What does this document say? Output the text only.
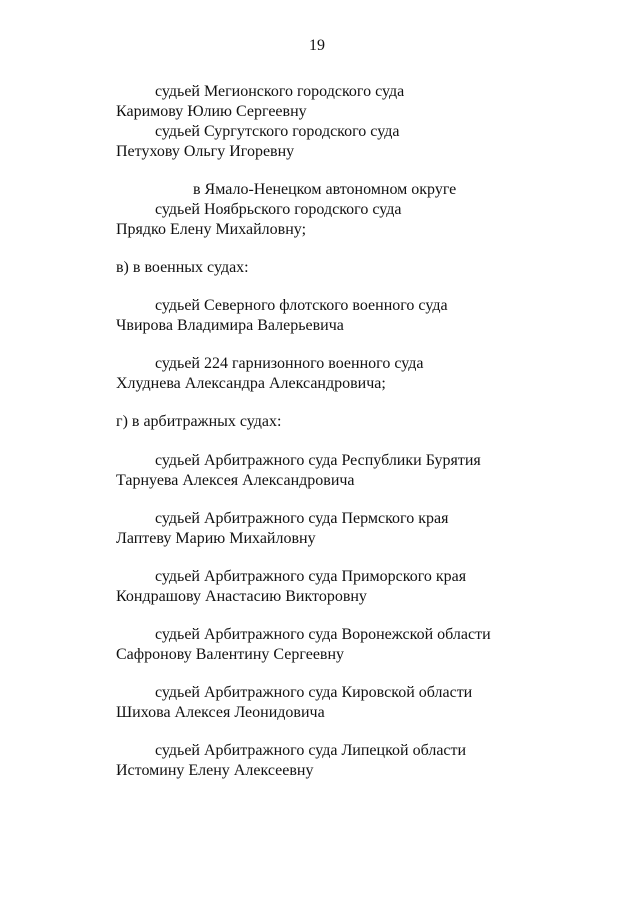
19
судьей Мегионского городского суда
Каримову Юлию Сергеевну
судьей Сургутского городского суда
Петухову Ольгу Игоревну
в Ямало-Ненецком автономном округе
судьей Ноябрьского городского суда
Прядко Елену Михайловну;
в) в военных судах:
судьей Северного флотского военного суда
Чвирова Владимира Валерьевича
судьей 224 гарнизонного военного суда
Хлуднева Александра Александровича;
г) в арбитражных судах:
судьей Арбитражного суда Республики Бурятия
Тарнуева Алексея Александровича
судьей Арбитражного суда Пермского края
Лаптеву Марию Михайловну
судьей Арбитражного суда Приморского края
Кондрашову Анастасию Викторовну
судьей Арбитражного суда Воронежской области
Сафронову Валентину Сергеевну
судьей Арбитражного суда Кировской области
Шихова Алексея Леонидовича
судьей Арбитражного суда Липецкой области
Истомину Елену Алексеевну
